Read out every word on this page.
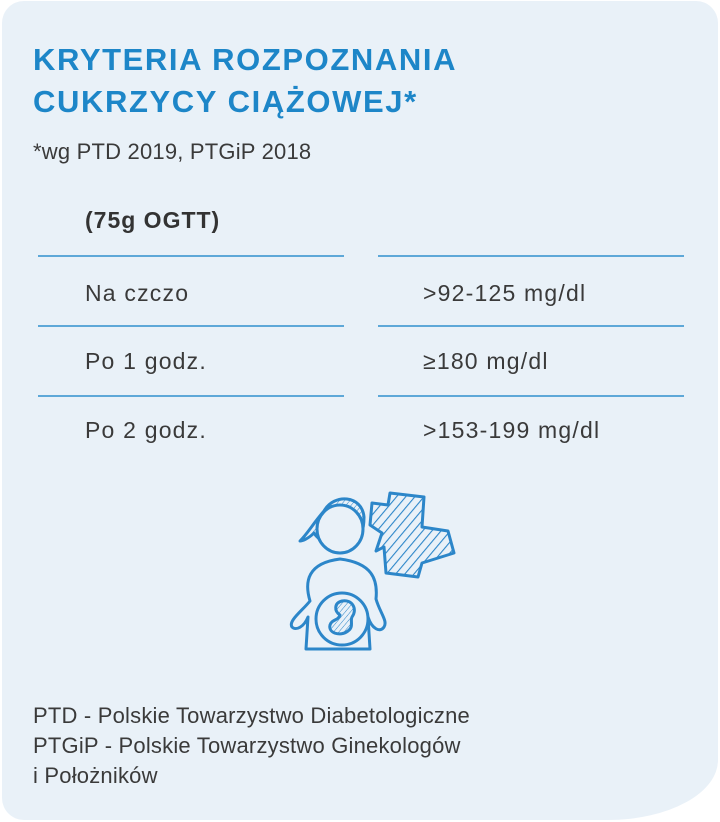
KRYTERIA ROZPOZNANIA
CUKRZYCY CIĄŻOWEJ*
*wg PTD 2019, PTGiP 2018
(75g OGTT)
Na czczo	>92-125 mg/dl
Po 1 godz.	≥180 mg/dl
Po 2 godz.	>153-199 mg/dl
PTD - Polskie Towarzystwo Diabetologiczne
PTGiP - Polskie Towarzystwo Ginekologów
i Położników
